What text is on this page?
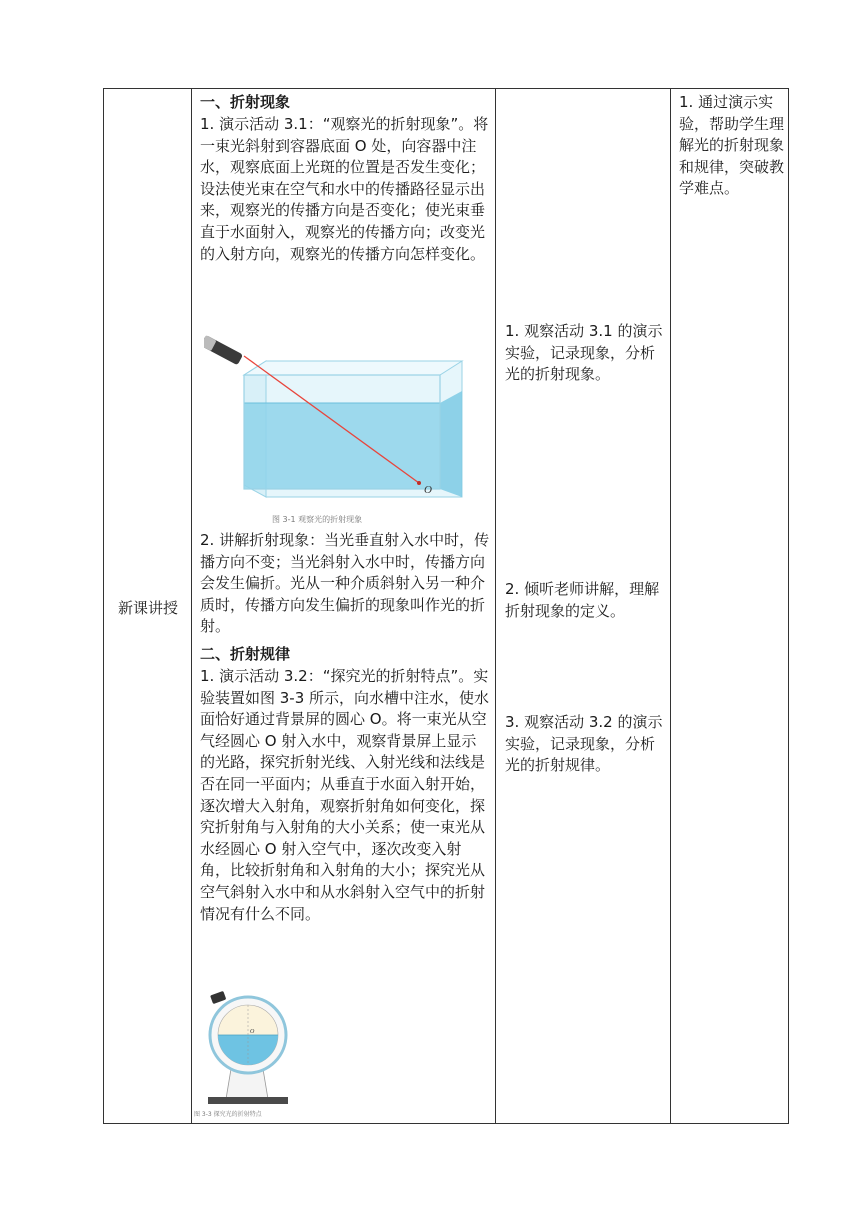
新课讲授

一、折射现象

1. 演示活动 3.1：“观察光的折射现象”。将一束光斜射到容器底面 O 处，向容器中注水，观察底面上光斑的位置是否发生变化；设法使光束在空气和水中的传播路径显示出来，观察光的传播方向是否变化；使光束垂直于水面射入，观察光的传播方向；改变光的入射方向，观察光的传播方向怎样变化。

O
图 3-1 观察光的折射现象

2. 讲解折射现象：当光垂直射入水中时，传播方向不变；当光斜射入水中时，传播方向会发生偏折。光从一种介质斜射入另一种介质时，传播方向发生偏折的现象叫作光的折射。

二、折射规律

1. 演示活动 3.2：“探究光的折射特点”。实验装置如图 3-3 所示，向水槽中注水，使水面恰好通过背景屏的圆心 O。将一束光从空气经圆心 O 射入水中，观察背景屏上显示的光路，探究折射光线、入射光线和法线是否在同一平面内；从垂直于水面入射开始，逐次增大入射角，观察折射角如何变化，探究折射角与入射角的大小关系；使一束光从水经圆心 O 射入空气中，逐次改变入射角，比较折射角和入射角的大小；探究光从空气斜射入水中和从水斜射入空气中的折射情况有什么不同。

O
图 3-3 探究光的折射特点

1. 观察活动 3.1 的演示实验，记录现象，分析光的折射现象。

2. 倾听老师讲解，理解折射现象的定义。

3. 观察活动 3.2 的演示实验，记录现象，分析光的折射规律。

1. 通过演示实验，帮助学生理解光的折射现象和规律，突破教学难点。
